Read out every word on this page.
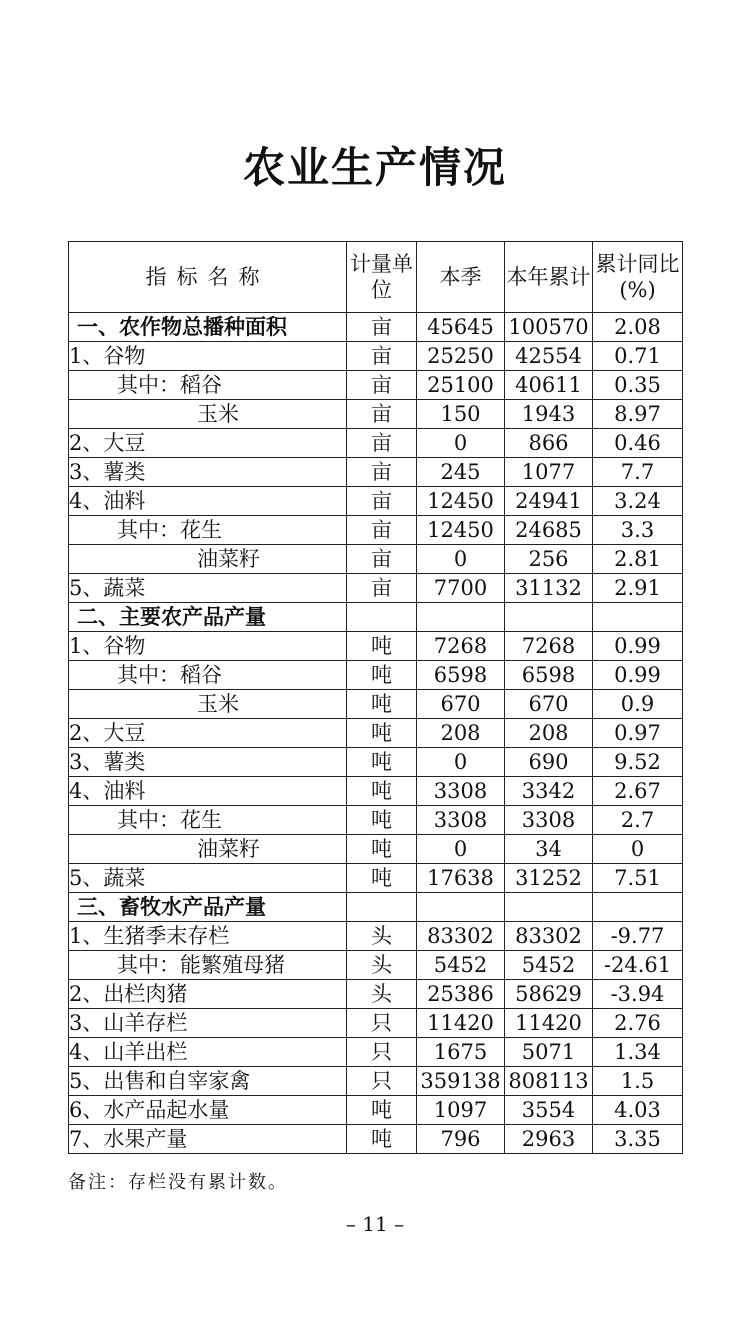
农业生产情况
指标名称	计量单位	本季	本年累计	累计同比(%)
一、农作物总播种面积	亩	45645	100570	2.08
1、谷物	亩	25250	42554	0.71
其中：稻谷	亩	25100	40611	0.35
玉米	亩	150	1943	8.97
2、大豆	亩	0	866	0.46
3、薯类	亩	245	1077	7.7
4、油料	亩	12450	24941	3.24
其中：花生	亩	12450	24685	3.3
油菜籽	亩	0	256	2.81
5、蔬菜	亩	7700	31132	2.91
二、主要农产品产量				
1、谷物	吨	7268	7268	0.99
其中：稻谷	吨	6598	6598	0.99
玉米	吨	670	670	0.9
2、大豆	吨	208	208	0.97
3、薯类	吨	0	690	9.52
4、油料	吨	3308	3342	2.67
其中：花生	吨	3308	3308	2.7
油菜籽	吨	0	34	0
5、蔬菜	吨	17638	31252	7.51
三、畜牧水产品产量				
1、生猪季末存栏	头	83302	83302	-9.77
其中：能繁殖母猪	头	5452	5452	-24.61
2、出栏肉猪	头	25386	58629	-3.94
3、山羊存栏	只	11420	11420	2.76
4、山羊出栏	只	1675	5071	1.34
5、出售和自宰家禽	只	359138	808113	1.5
6、水产品起水量	吨	1097	3554	4.03
7、水果产量	吨	796	2963	3.35
备注：存栏没有累计数。
– 11 –
